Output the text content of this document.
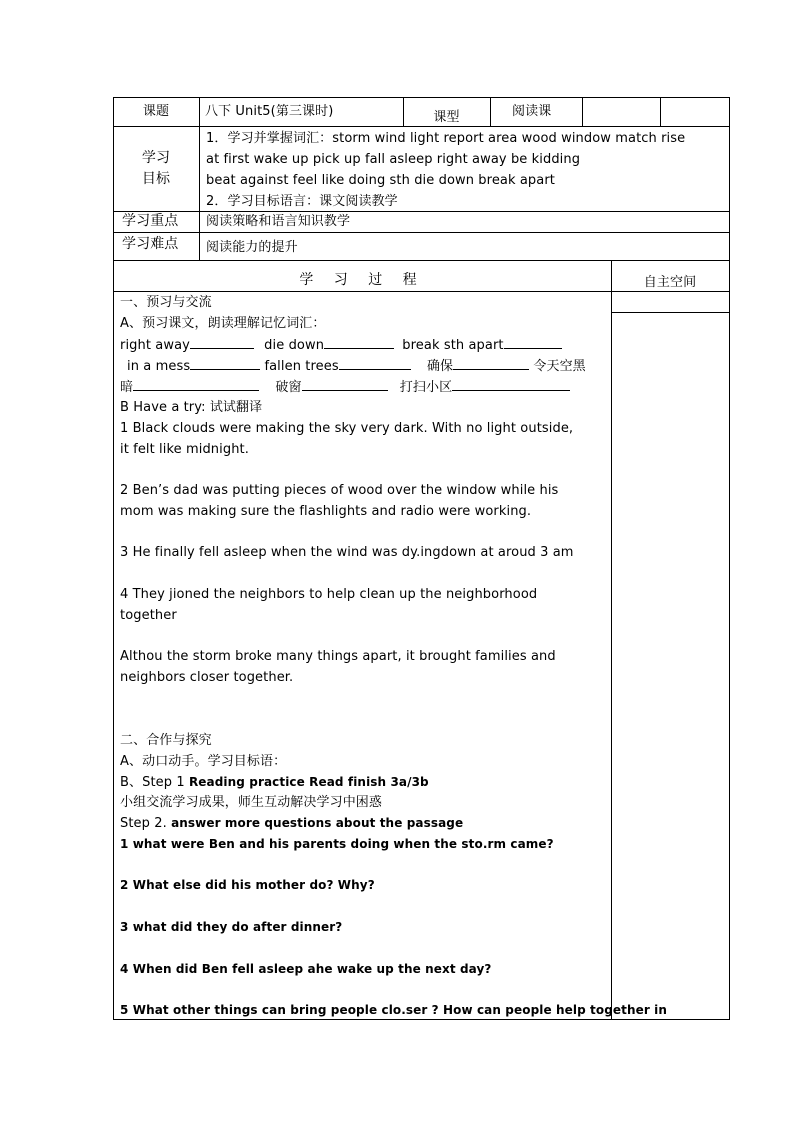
课题	八下 Unit5(第三课时)	课型	阅读课
学习
目标
1．学习并掌握词汇：storm wind light report area wood window match rise
at first wake up pick up fall asleep right away be kidding
beat against feel like doing sth die down break apart
2．学习目标语言：课文阅读教学
学习重点 阅读策略和语言知识教学
学习难点 阅读能力的提升
学 习 过 程	自主空间
一、预习与交流
A、预习课文，朗读理解记忆词汇：
right away	die down	break sth apart
in a mess	fallen trees	确保	令天空黑
暗	破窗	打扫小区
B Have a try: 试试翻译
1 Black clouds were making the sky very dark. With no light outside,
it felt like midnight.
2 Ben’s dad was putting pieces of wood over the window while his
mom was making sure the flashlights and radio were working.
3 He finally fell asleep when the wind was dy.ingdown at aroud 3 am
4 They jioned the neighbors to help clean up the neighborhood
together
Althou the storm broke many things apart, it brought families and
neighbors closer together.
二、合作与探究
A、动口动手。学习目标语：
B、Step 1 Reading practice Read finish 3a/3b
小组交流学习成果，师生互动解决学习中困惑
Step 2. answer more questions about the passage
1 what were Ben and his parents doing when the sto.rm came?
2 What else did his mother do? Why?
3 what did they do after dinner?
4 When did Ben fell asleep ahe wake up the next day?
5 What other things can bring people clo.ser ? How can people help together in
